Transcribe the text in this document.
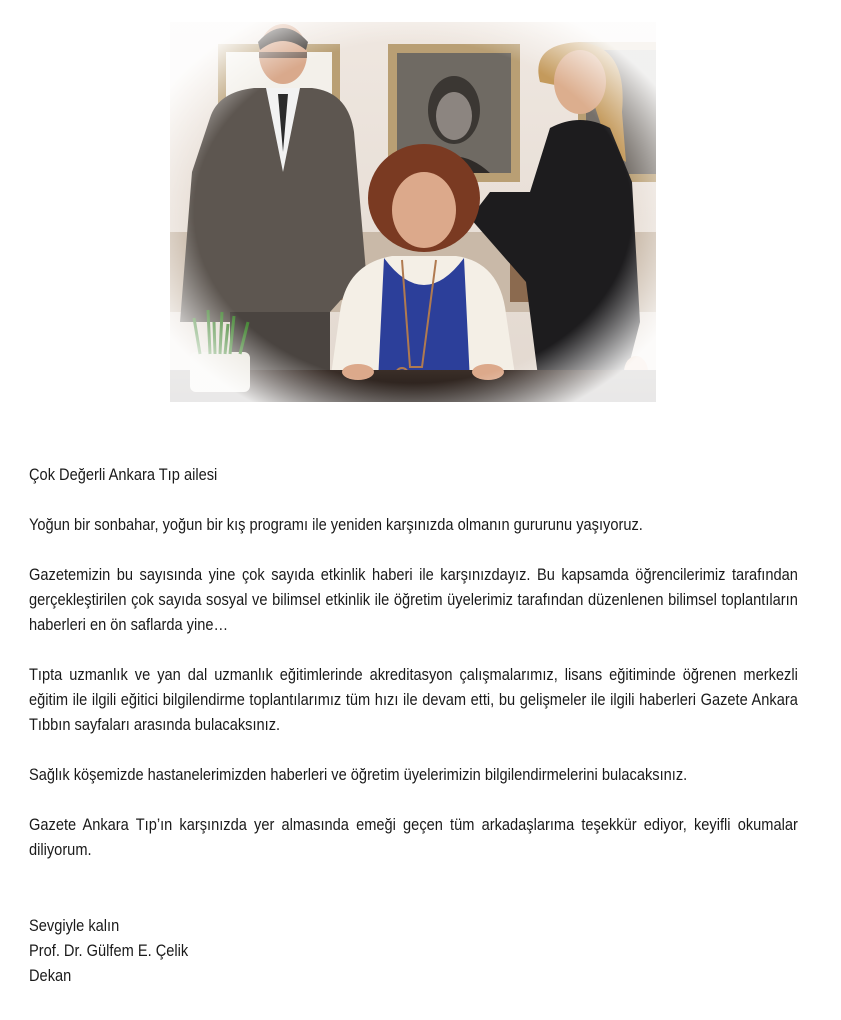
Çok Değerli Ankara Tıp ailesi

Yoğun bir sonbahar, yoğun bir kış programı ile yeniden karşınızda olmanın gururunu yaşıyoruz.

Gazetemizin bu sayısında yine çok sayıda etkinlik haberi ile karşınızdayız. Bu kapsamda öğrencilerimiz tarafından gerçekleştirilen çok sayıda sosyal ve bilimsel etkinlik ile öğretim üyelerimiz tarafından düzenlenen bilimsel toplantıların haberleri en ön saflarda yine…

Tıpta uzmanlık ve yan dal uzmanlık eğitimlerinde akreditasyon çalışmalarımız, lisans eğitiminde öğrenen merkezli eğitim ile ilgili eğitici bilgilendirme toplantılarımız tüm hızı ile devam etti, bu gelişmeler ile ilgili haberleri Gazete Ankara Tıbbın sayfaları arasında bulacaksınız.

Sağlık köşemizde hastanelerimizden haberleri ve öğretim üyelerimizin bilgilendirmelerini bulacaksınız.

Gazete Ankara Tıp’ın karşınızda yer almasında emeği geçen tüm arkadaşlarıma teşekkür ediyor, keyifli okumalar diliyorum.

Sevgiyle kalın
Prof. Dr. Gülfem E. Çelik
Dekan
